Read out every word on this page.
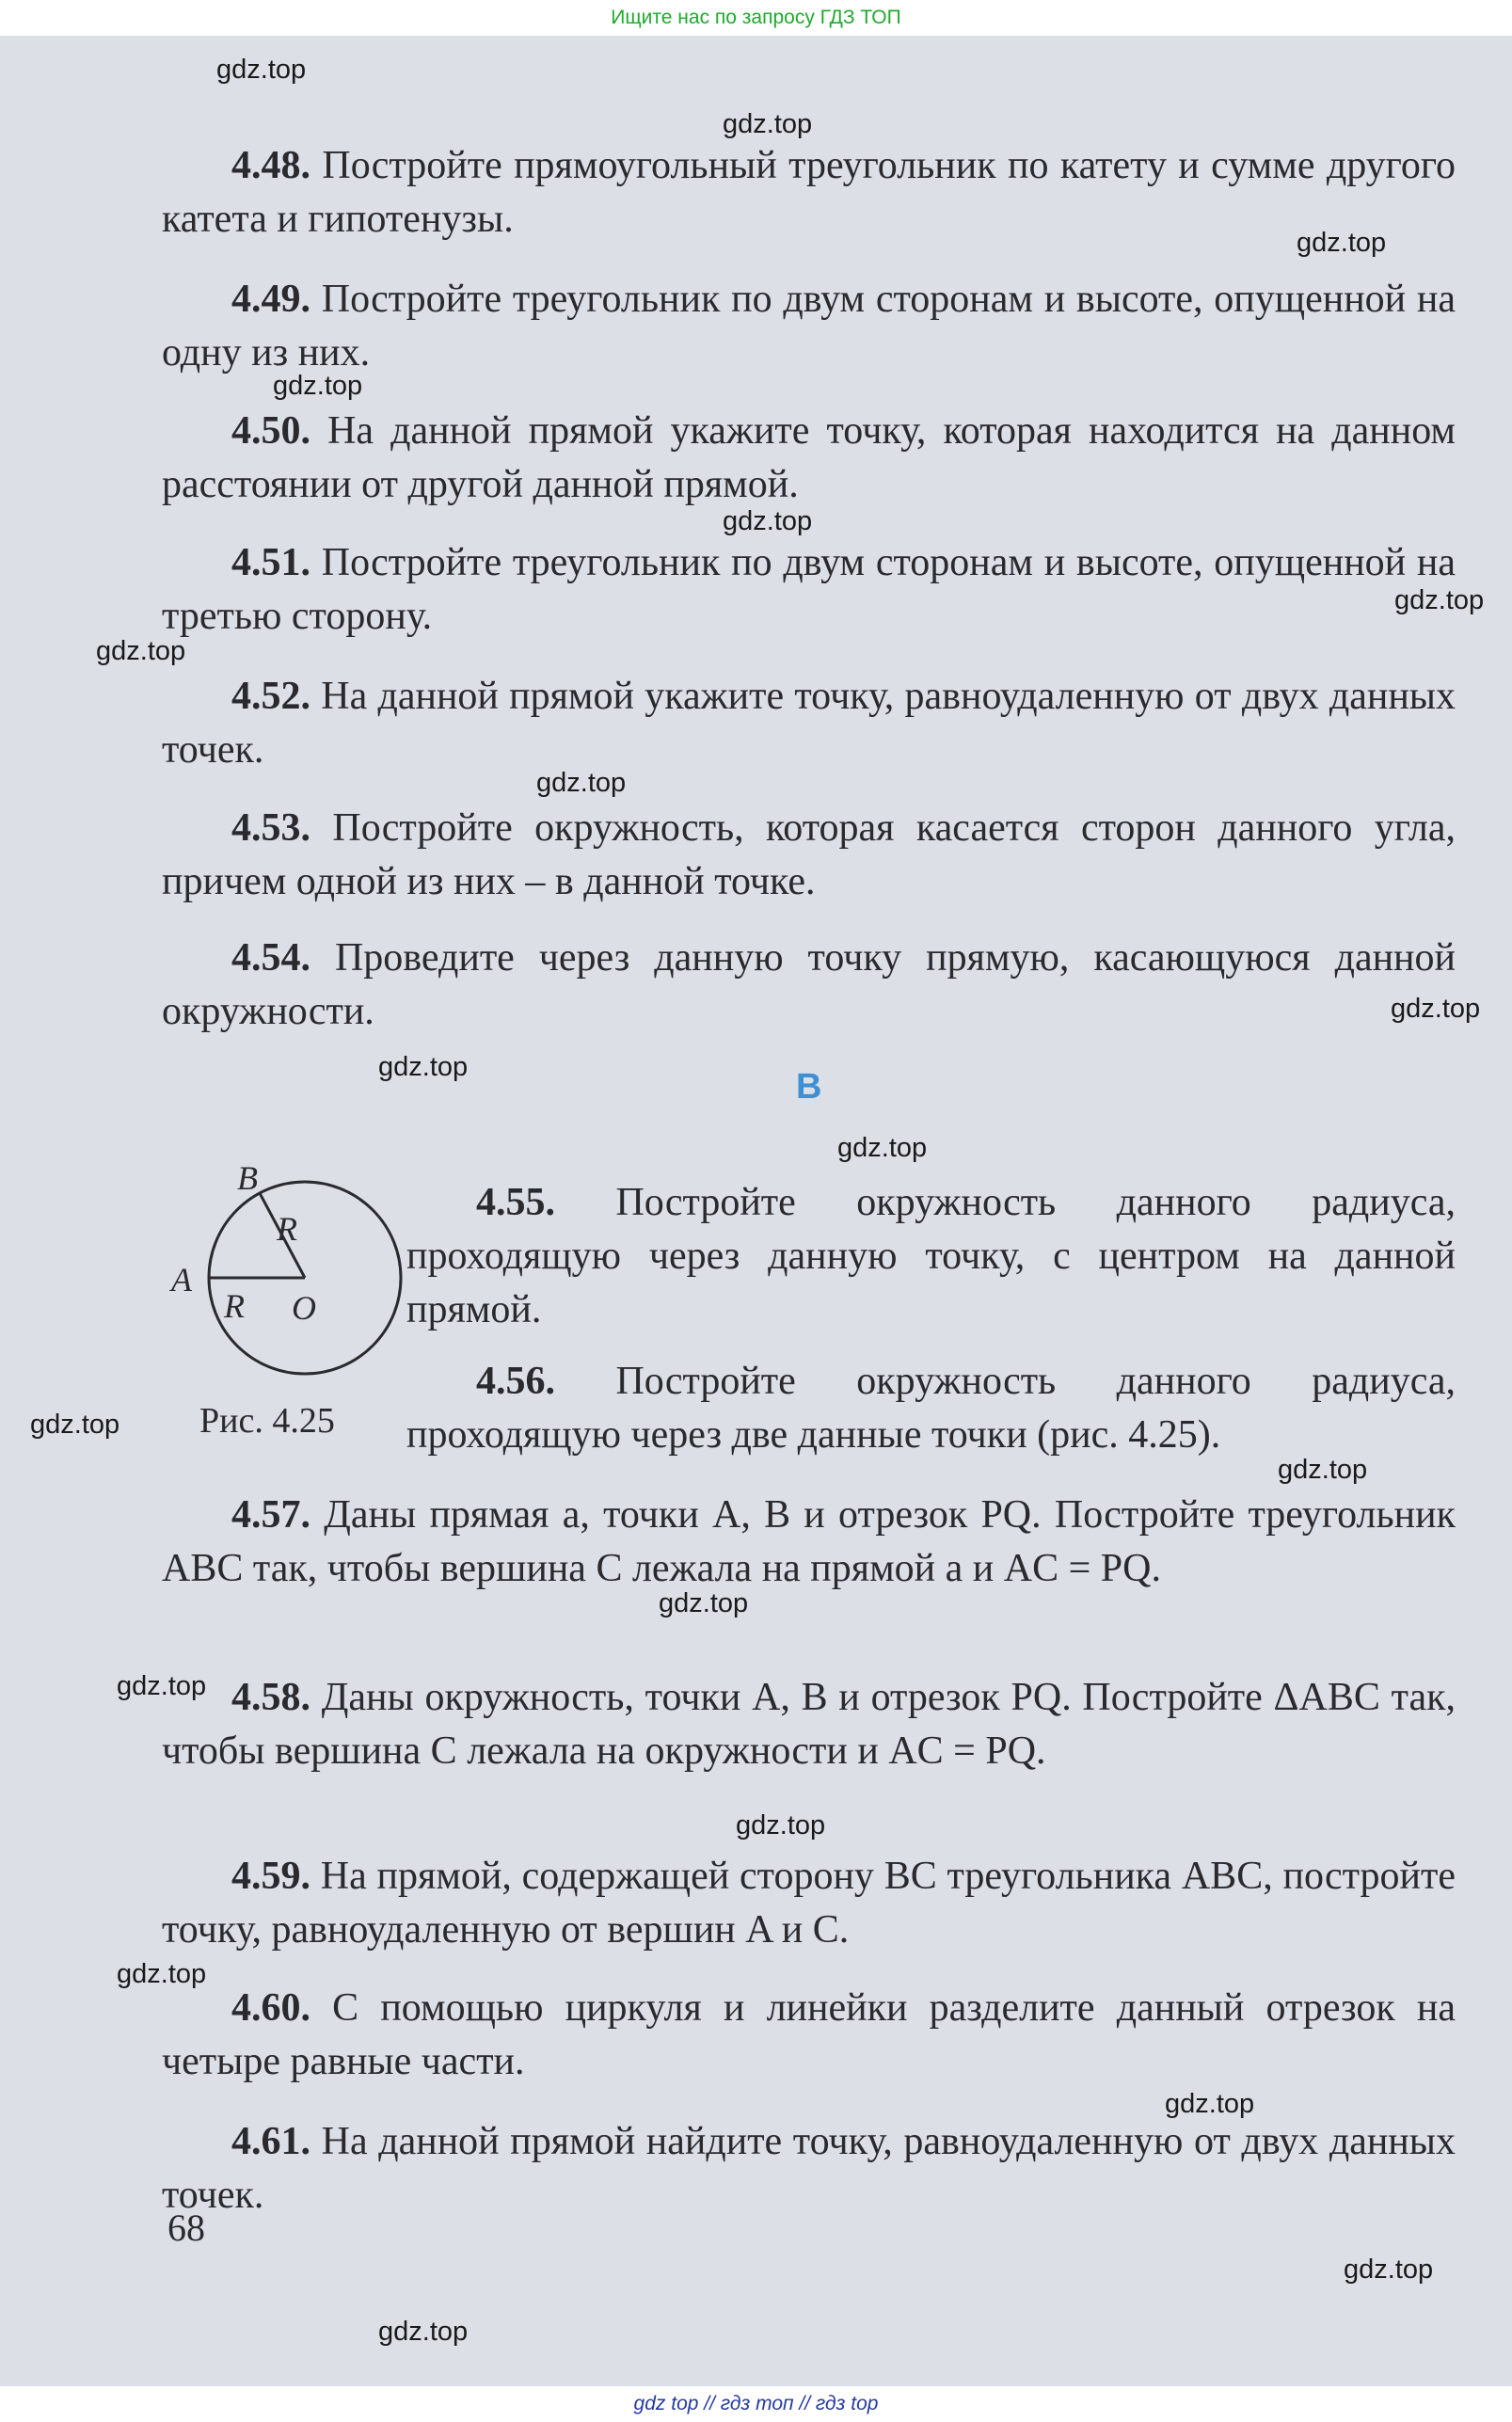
Ищите нас по запросу ГДЗ ТОП

4.48. Постройте прямоугольный треугольник по катету и сумме другого катета и гипотенузы.

4.49. Постройте треугольник по двум сторонам и высоте, опущенной на одну из них.

4.50. На данной прямой укажите точку, которая находится на данном расстоянии от другой данной прямой.

4.51. Постройте треугольник по двум сторонам и высоте, опущенной на третью сторону.

4.52. На данной прямой укажите точку, равноудаленную от двух данных точек.

4.53. Постройте окружность, которая касается сторон данного угла, причем одной из них – в данной точке.

4.54. Проведите через данную точку прямую, касающуюся данной окружности.

В

4.55. Постройте окружность данного радиуса, проходящую через данную точку, с центром на данной прямой.

4.56. Постройте окружность данного радиуса, проходящую через две данные точки (рис. 4.25).

4.57. Даны прямая a, точки A, B и отрезок PQ. Постройте треугольник ABC так, чтобы вершина C лежала на прямой a и AC = PQ.

4.58. Даны окружность, точки A, B и отрезок PQ. Постройте ΔABC так, чтобы вершина C лежала на окружности и AC = PQ.

4.59. На прямой, содержащей сторону BC треугольника ABC, постройте точку, равноудаленную от вершин A и C.

4.60. С помощью циркуля и линейки разделите данный отрезок на четыре равные части.

4.61. На данной прямой найдите точку, равноудаленную от двух данных точек.

B
R
A
R O
Рис. 4.25
68
gdz.top
gdz.top
gdz.top
gdz.top
gdz.top
gdz.top
gdz.top
gdz.top
gdz.top
gdz.top
gdz.top
gdz.top
gdz.top
gdz.top
gdz.top
gdz.top
gdz.top
gdz.top
gdz.top
gdz.top
gdz top // гдз топ // гдз top
